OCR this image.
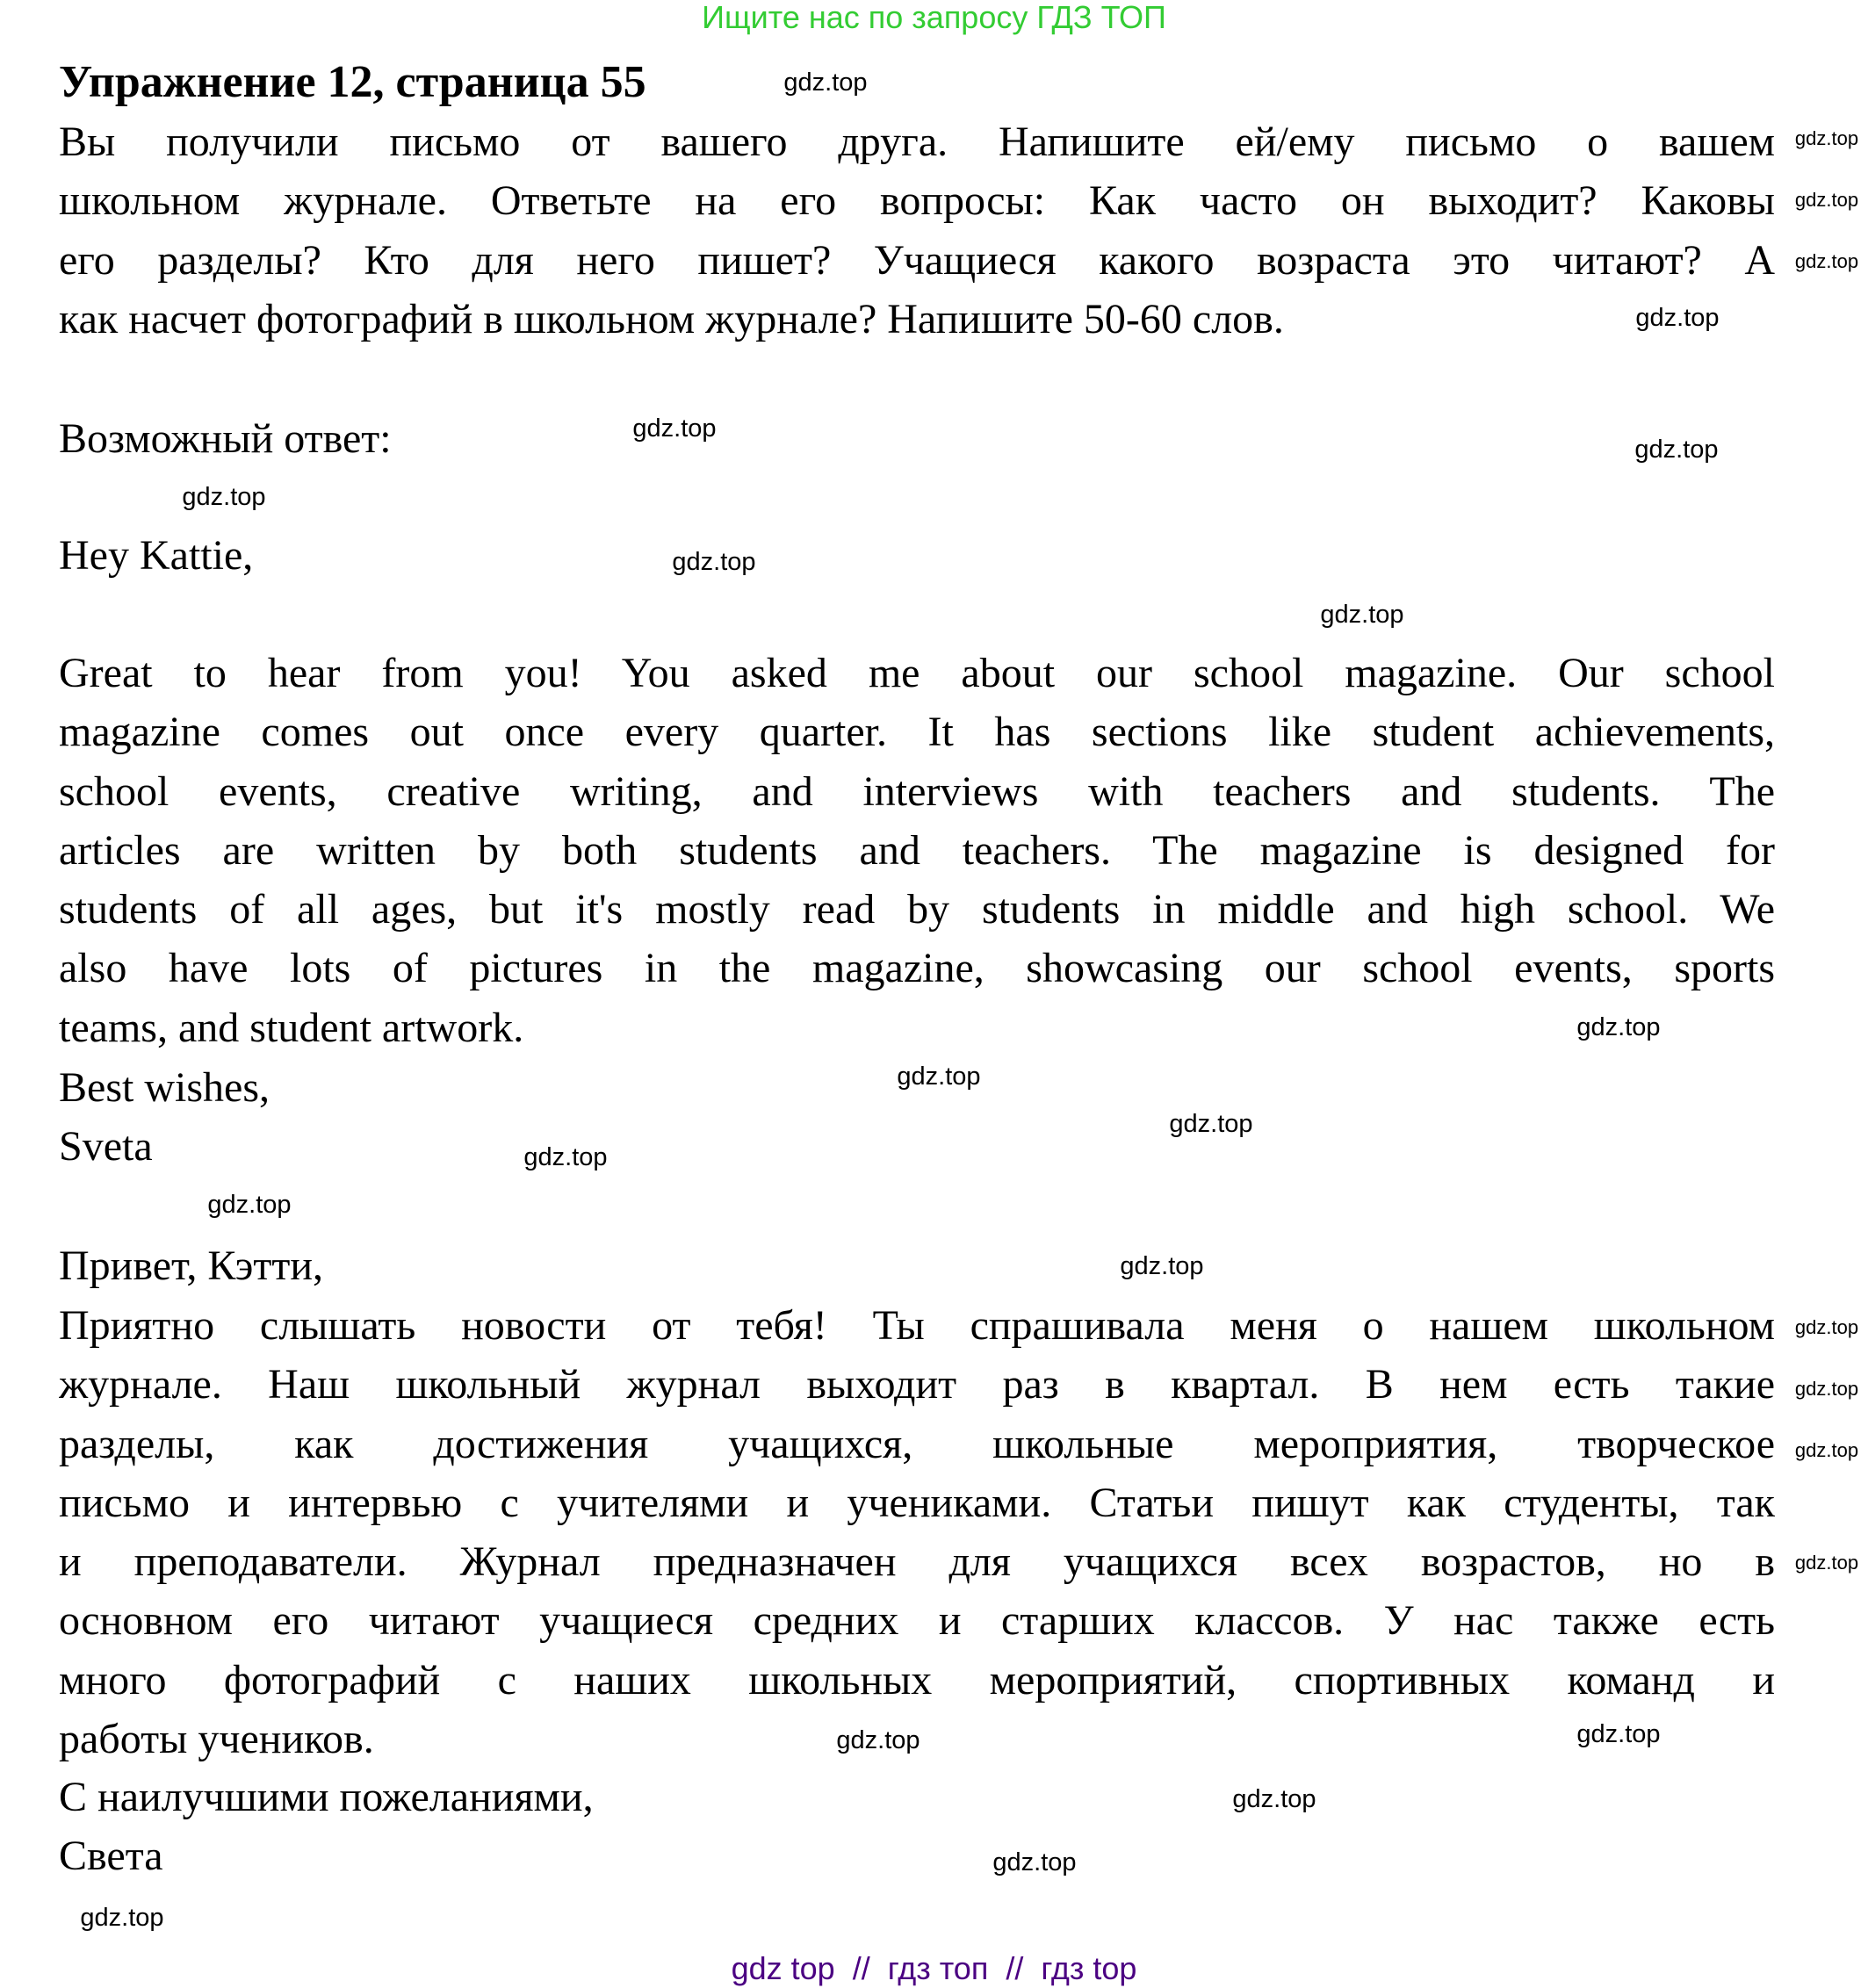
Ищите нас по запросу ГДЗ ТОП
Упражнение 12, страница 55
Вы получили письмо от вашего друга. Напишите ей/ему письмо о вашем
школьном журнале. Ответьте на его вопросы: Как часто он выходит? Каковы
его разделы? Кто для него пишет? Учащиеся какого возраста это читают? А
как насчет фотографий в школьном журнале? Напишите 50-60 слов.
Возможный ответ:
Hey Kattie,
Great to hear from you! You asked me about our school magazine. Our school
magazine comes out once every quarter. It has sections like student achievements,
school events, creative writing, and interviews with teachers and students. The
articles are written by both students and teachers. The magazine is designed for
students of all ages, but it's mostly read by students in middle and high school. We
also have lots of pictures in the magazine, showcasing our school events, sports
teams, and student artwork.
Best wishes,
Sveta
Привет, Кэтти,
Приятно слышать новости от тебя! Ты спрашивала меня о нашем школьном
журнале. Наш школьный журнал выходит раз в квартал. В нем есть такие
разделы, как достижения учащихся, школьные мероприятия, творческое
письмо и интервью с учителями и учениками. Статьи пишут как студенты, так
и преподаватели. Журнал предназначен для учащихся всех возрастов, но в
основном его читают учащиеся средних и старших классов. У нас также есть
много фотографий с наших школьных мероприятий, спортивных команд и
работы учеников.
С наилучшими пожеланиями,
Света
gdz.top
gdz.top
gdz.top
gdz.top
gdz.top
gdz.top
gdz.top
gdz.top
gdz.top
gdz.top
gdz.top
gdz.top
gdz.top
gdz.top
gdz.top
gdz.top
gdz.top
gdz.top
gdz.top
gdz.top
gdz.top
gdz.top
gdz.top
gdz.top
gdz.top
gdz top  //  гдз топ  //  гдз top
